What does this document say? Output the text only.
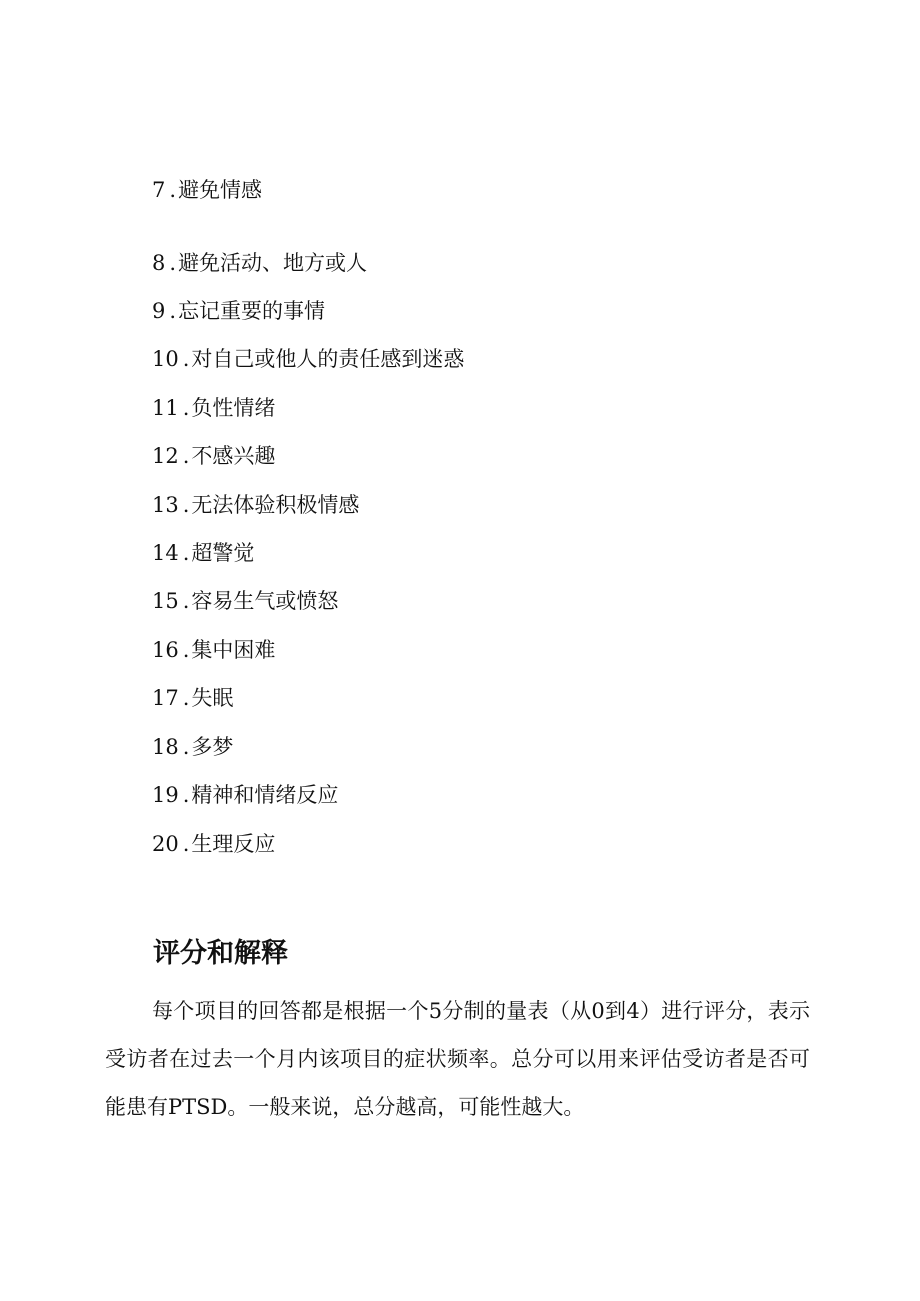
7 .避免情感
8 .避免活动、地方或人
9 .忘记重要的事情
10 .对自己或他人的责任感到迷惑
11 .负性情绪
12 .不感兴趣
13 .无法体验积极情感
14 .超警觉
15 .容易生气或愤怒
16 .集中困难
17 .失眠
18 .多梦
19 .精神和情绪反应
20 .生理反应
评分和解释
每个项目的回答都是根据一个5分制的量表（从0到4）进行评分，表示受访者在过去一个月内该项目的症状频率。总分可以用来评估受访者是否可能患有PTSD。一般来说，总分越高，可能性越大。
